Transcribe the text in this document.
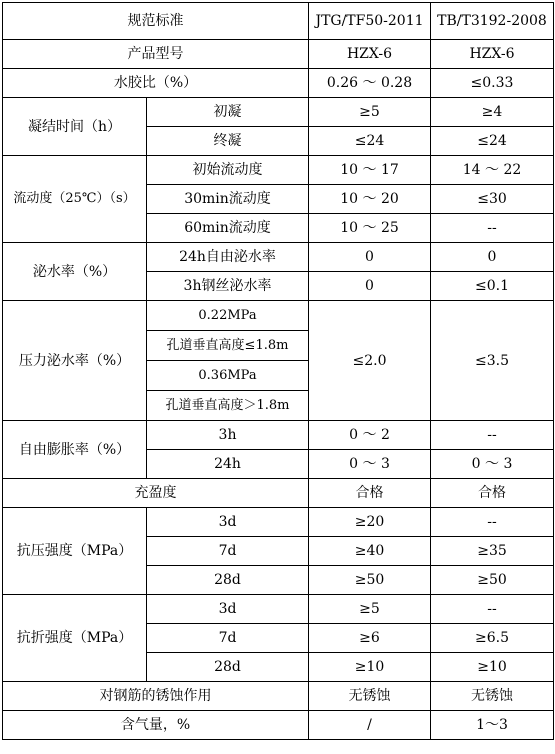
规范标准		JTG/TF50-2011	TB/T3192-2008
产品型号		HZX-6	HZX-6
水胶比（%）		0.26 ～ 0.28	≤0.33
凝结时间（h）	初凝	≥5	≥4
	终凝	≤24	≤24
流动度（25℃）（s）	初始流动度	10 ～ 17	14 ～ 22
	30min流动度	10 ～ 20	≤30
	60min流动度	10 ～ 25	--
泌水率（%）	24h自由泌水率	0	0
	3h钢丝泌水率	0	≤0.1
压力泌水率（%）	0.22MPa	≤2.0	≤3.5
	孔道垂直高度≤1.8m		
	0.36MPa		
	孔道垂直高度＞1.8m		
自由膨胀率（%）	3h	0 ～ 2	--
	24h	0 ～ 3	0 ～ 3
充盈度		合格	合格
抗压强度（MPa）	3d	≥20	--
	7d	≥40	≥35
	28d	≥50	≥50
抗折强度（MPa）	3d	≥5	--
	7d	≥6	≥6.5
	28d	≥10	≥10
对钢筋的锈蚀作用		无锈蚀	无锈蚀
含气量，%		/	1～3
